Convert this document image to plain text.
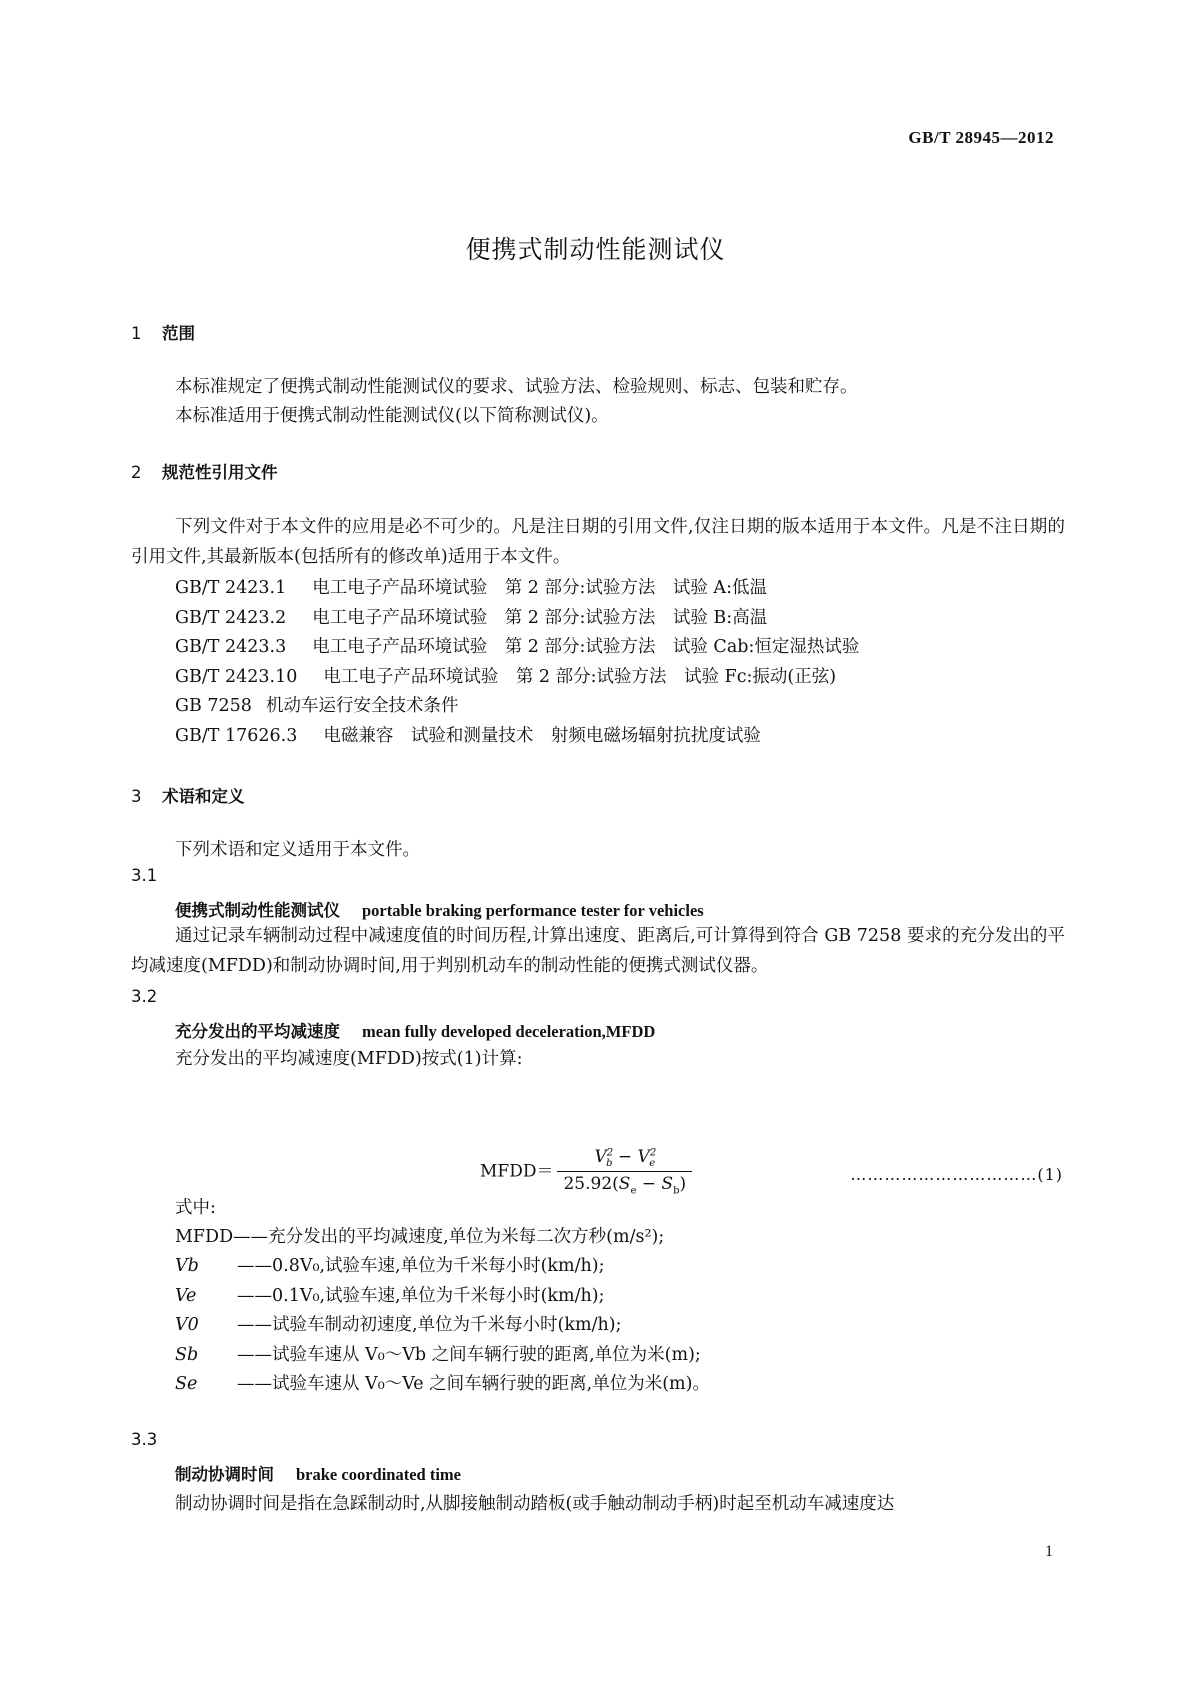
GB/T 28945—2012
便携式制动性能测试仪
1 范围
本标准规定了便携式制动性能测试仪的要求、试验方法、检验规则、标志、包装和贮存。
本标准适用于便携式制动性能测试仪(以下简称测试仪)。
2 规范性引用文件
下列文件对于本文件的应用是必不可少的。凡是注日期的引用文件,仅注日期的版本适用于本文件。凡是不注日期的引用文件,其最新版本(包括所有的修改单)适用于本文件。
GB/T 2423.1 电工电子产品环境试验　第 2 部分:试验方法　试验 A:低温
GB/T 2423.2 电工电子产品环境试验　第 2 部分:试验方法　试验 B:高温
GB/T 2423.3 电工电子产品环境试验　第 2 部分:试验方法　试验 Cab:恒定湿热试验
GB/T 2423.10 电工电子产品环境试验　第 2 部分:试验方法　试验 Fc:振动(正弦)
GB 7258 机动车运行安全技术条件
GB/T 17626.3 电磁兼容　试验和测量技术　射频电磁场辐射抗扰度试验
3 术语和定义
下列术语和定义适用于本文件。
3.1
便携式制动性能测试仪 portable braking performance tester for vehicles
通过记录车辆制动过程中减速度值的时间历程,计算出速度、距离后,可计算得到符合 GB 7258 要求的充分发出的平均减速度(MFDD)和制动协调时间,用于判别机动车的制动性能的便携式测试仪器。
3.2
充分发出的平均减速度 mean fully developed deceleration,MFDD
充分发出的平均减速度(MFDD)按式(1)计算:
MFDD＝ $\frac{V^2_b - V^2_e}{25.92(S_e - S_b)}$	……………………………(1)
式中:
MFDD——充分发出的平均减速度,单位为米每二次方秒(m/s²);
Vb ——0.8V₀,试验车速,单位为千米每小时(km/h);
Ve ——0.1V₀,试验车速,单位为千米每小时(km/h);
V0 ——试验车制动初速度,单位为千米每小时(km/h);
Sb ——试验车速从 V₀～Vb 之间车辆行驶的距离,单位为米(m);
Se ——试验车速从 V₀～Ve 之间车辆行驶的距离,单位为米(m)。
3.3
制动协调时间 brake coordinated time
制动协调时间是指在急踩制动时,从脚接触制动踏板(或手触动制动手柄)时起至机动车减速度达
1
